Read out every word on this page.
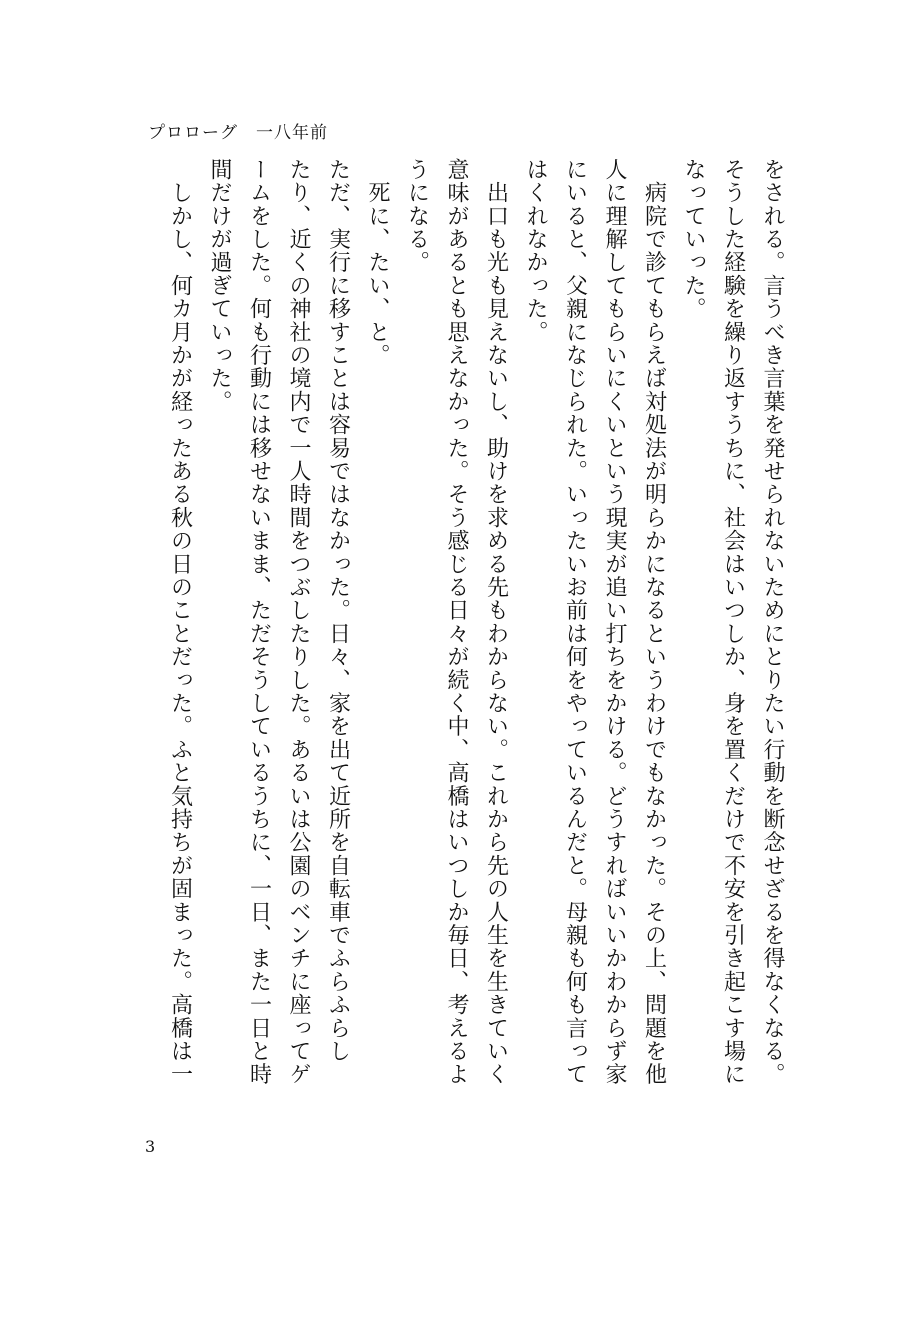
プロローグ　一八年前
をされる。言うべき言葉を発せられないためにとりたい行動を断念せざるを得なくなる。
そうした経験を繰り返すうちに、社会はいつしか、身を置くだけで不安を引き起こす場に
なっていった。
　病院で診てもらえば対処法が明らかになるというわけでもなかった。その上、問題を他
人に理解してもらいにくいという現実が追い打ちをかける。どうすればいいかわからず家
にいると、父親になじられた。いったいお前は何をやっているんだと。母親も何も言って
はくれなかった。
　出口も光も見えないし、助けを求める先もわからない。これから先の人生を生きていく
意味があるとも思えなかった。そう感じる日々が続く中、高橋はいつしか毎日、考えるよ
うになる。
　死に、たい、と。
ただ、実行に移すことは容易ではなかった。日々、家を出て近所を自転車でふらふらし
たり、近くの神社の境内で一人時間をつぶしたりした。あるいは公園のベンチに座ってゲ
ームをした。何も行動には移せないまま、ただそうしているうちに、一日、また一日と時
間だけが過ぎていった。
　しかし、何カ月かが経ったある秋の日のことだった。ふと気持ちが固まった。高橋は一
3
